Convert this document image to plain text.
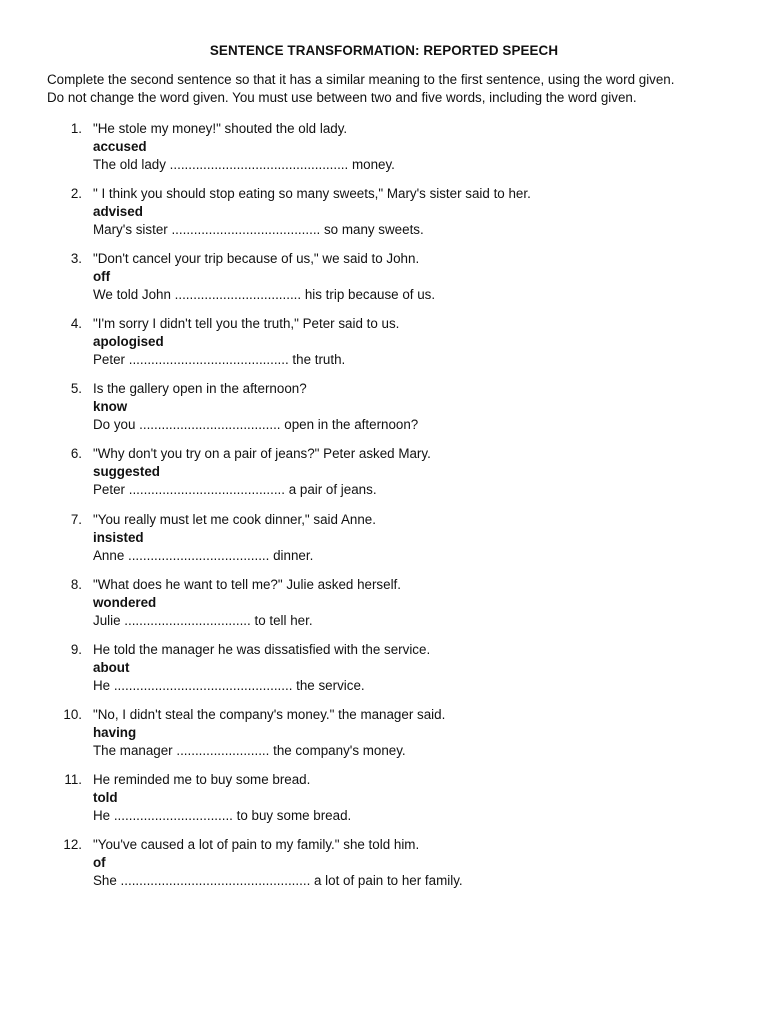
SENTENCE TRANSFORMATION: REPORTED SPEECH

Complete the second sentence so that it has a similar meaning to the first sentence, using the word given.

Do not change the word given. You must use between two and five words, including the word given.

1. "He stole my money!" shouted the old lady.
accused
The old lady ................................................ money.
2. " I think you should stop eating so many sweets," Mary's sister said to her.
advised
Mary's sister ........................................ so many sweets.
3. "Don't cancel your trip because of us," we said to John.
off
We told John .................................. his trip because of us.
4. "I'm sorry I didn't tell you the truth," Peter said to us.
apologised
Peter ........................................... the truth.
5. Is the gallery open in the afternoon?
know
Do you ...................................... open in the afternoon?
6. "Why don't you try on a pair of jeans?" Peter asked Mary.
suggested
Peter .......................................... a pair of jeans.
7. "You really must let me cook dinner," said Anne.
insisted
Anne ...................................... dinner.
8. "What does he want to tell me?" Julie asked herself.
wondered
Julie .................................. to tell her.
9. He told the manager he was dissatisfied with the service.
about
He ................................................ the service.
10. "No, I didn't steal the company's money." the manager said.
having
The manager ......................... the company's money.
11. He reminded me to buy some bread.
told
He ................................ to buy some bread.
12. "You've caused a lot of pain to my family." she told him.
of
She ................................................... a lot of pain to her family.
